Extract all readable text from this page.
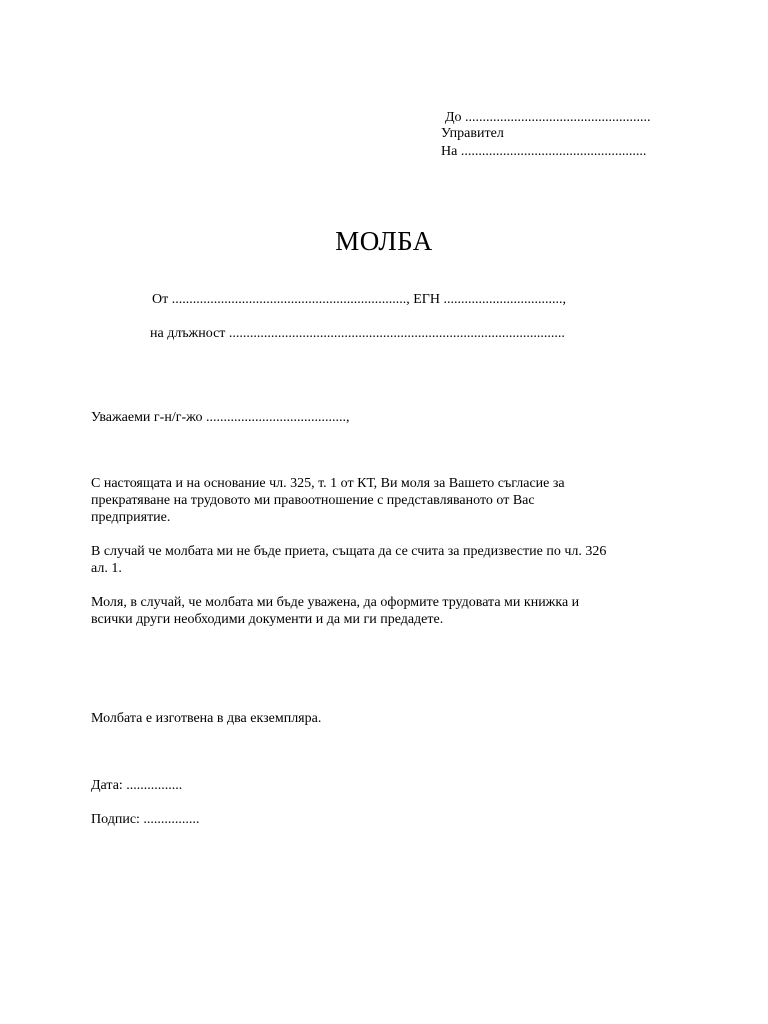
До .....................................................
Управител
На .....................................................
МОЛБА
От ..................................................................., ЕГН ..................................,
на длъжност ................................................................................................
Уважаеми г-н/г-жо ........................................,
С настоящата и на основание чл. 325, т. 1 от КТ, Ви моля за Вашето съгласие за
прекратяване на трудовото ми правоотношение с представляваното от Вас
предприятие.
В случай че молбата ми не бъде приета, същата да се счита за предизвестие по чл. 326
ал. 1.
Моля, в случай, че молбата ми бъде уважена, да оформите трудовата ми книжка и
всички други необходими документи и да ми ги предадете.
Молбата е изготвена в два екземпляра.
Дата: ................
Подпис: ................
